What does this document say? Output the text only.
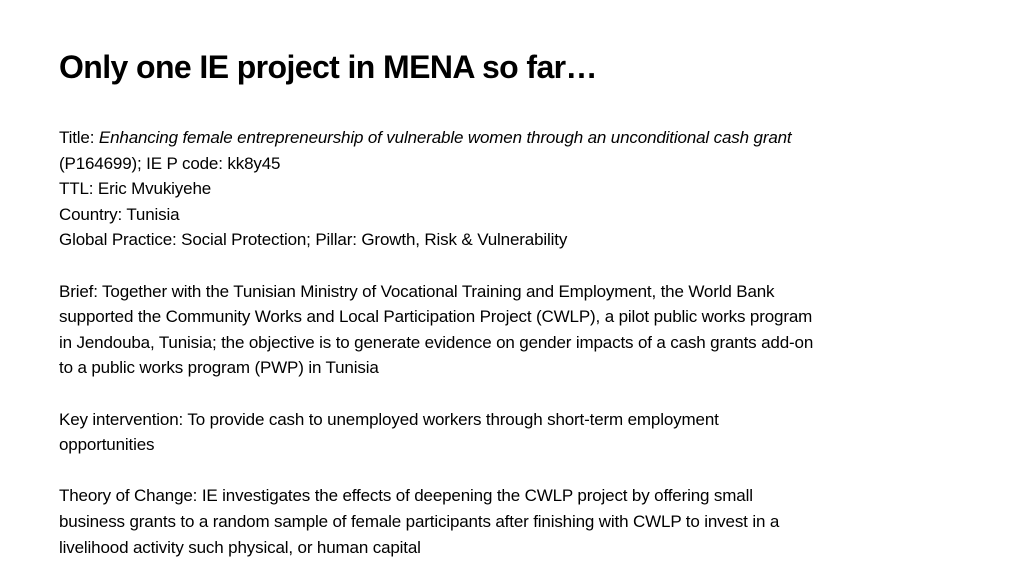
Only one IE project in MENA so far…
Title: Enhancing female entrepreneurship of vulnerable women through an unconditional cash grant
(P164699); IE P code: kk8y45
TTL: Eric Mvukiyehe
Country: Tunisia
Global Practice: Social Protection; Pillar: Growth, Risk & Vulnerability
Brief: Together with the Tunisian Ministry of Vocational Training and Employment, the World Bank
supported the Community Works and Local Participation Project (CWLP), a pilot public works program
in Jendouba, Tunisia; the objective is to generate evidence on gender impacts of a cash grants add-on
to a public works program (PWP) in Tunisia
Key intervention: To provide cash to unemployed workers through short-term employment
opportunities
Theory of Change: IE investigates the effects of deepening the CWLP project by offering small
business grants to a random sample of female participants after finishing with CWLP to invest in a
livelihood activity such physical, or human capital
